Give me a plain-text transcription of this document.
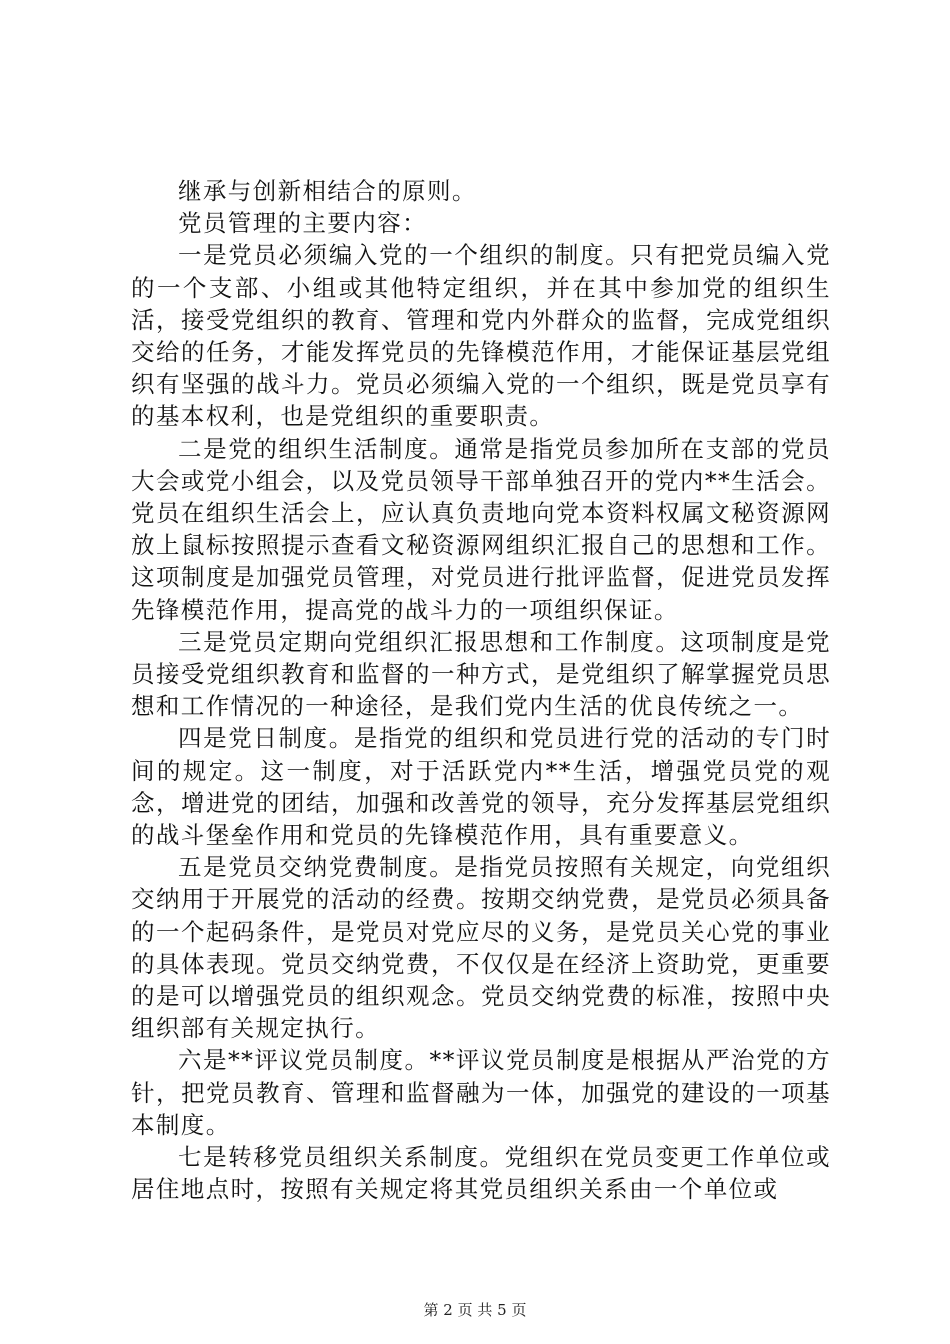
继承与创新相结合的原则。

党员管理的主要内容：

一是党员必须编入党的一个组织的制度。只有把党员编入党的一个支部、小组或其他特定组织，并在其中参加党的组织生活，接受党组织的教育、管理和党内外群众的监督，完成党组织交给的任务，才能发挥党员的先锋模范作用，才能保证基层党组织有坚强的战斗力。党员必须编入党的一个组织，既是党员享有的基本权利，也是党组织的重要职责。

二是党的组织生活制度。通常是指党员参加所在支部的党员大会或党小组会，以及党员领导干部单独召开的党内**生活会。党员在组织生活会上，应认真负责地向党本资料权属文秘资源网放上鼠标按照提示查看文秘资源网组织汇报自己的思想和工作。这项制度是加强党员管理，对党员进行批评监督，促进党员发挥先锋模范作用，提高党的战斗力的一项组织保证。

三是党员定期向党组织汇报思想和工作制度。这项制度是党员接受党组织教育和监督的一种方式，是党组织了解掌握党员思想和工作情况的一种途径，是我们党内生活的优良传统之一。

四是党日制度。是指党的组织和党员进行党的活动的专门时间的规定。这一制度，对于活跃党内**生活，增强党员党的观念，增进党的团结，加强和改善党的领导，充分发挥基层党组织的战斗堡垒作用和党员的先锋模范作用，具有重要意义。

五是党员交纳党费制度。是指党员按照有关规定，向党组织交纳用于开展党的活动的经费。按期交纳党费，是党员必须具备的一个起码条件，是党员对党应尽的义务，是党员关心党的事业的具体表现。党员交纳党费，不仅仅是在经济上资助党，更重要的是可以增强党员的组织观念。党员交纳党费的标准，按照中央组织部有关规定执行。

六是**评议党员制度。**评议党员制度是根据从严治党的方针，把党员教育、管理和监督融为一体，加强党的建设的一项基本制度。

七是转移党员组织关系制度。党组织在党员变更工作单位或居住地点时，按照有关规定将其党员组织关系由一个单位或

第 2 页 共 5 页
